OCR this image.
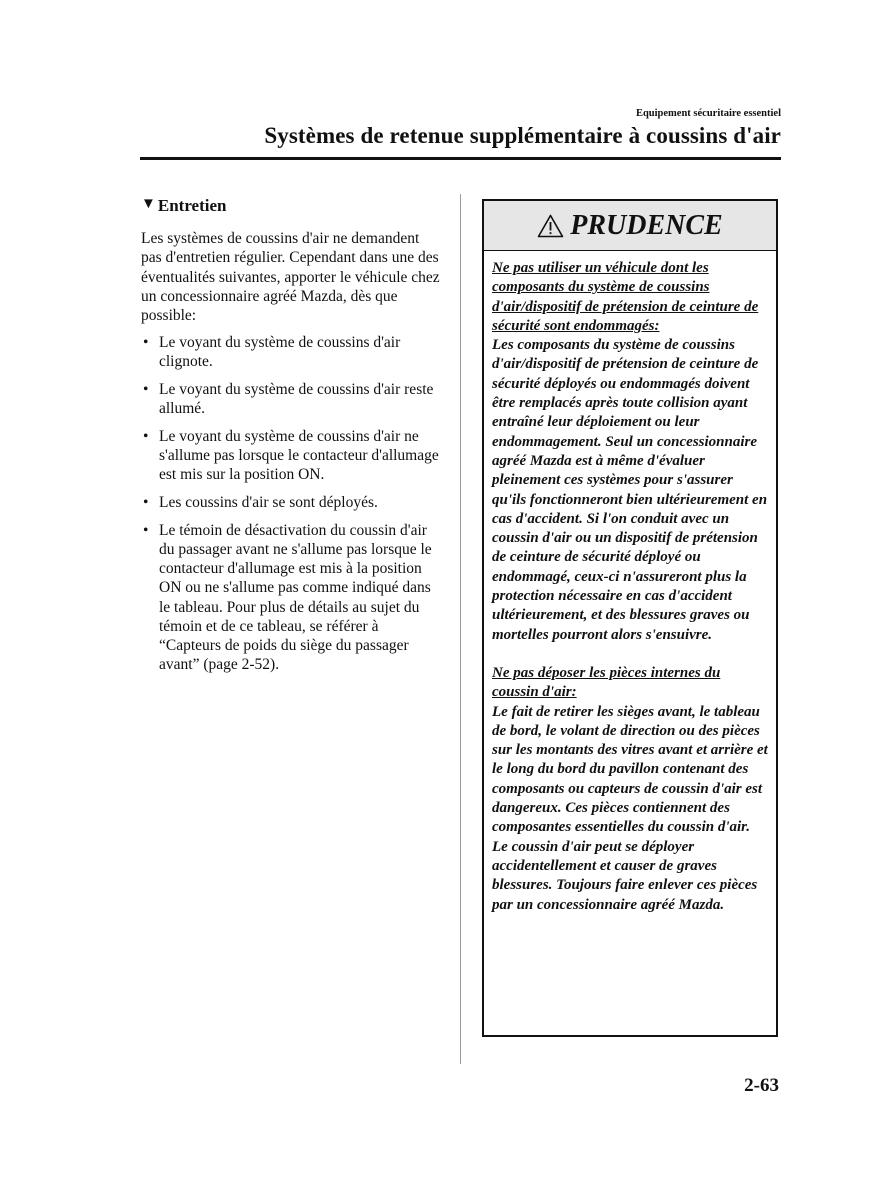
Equipement sécuritaire essentiel
Systèmes de retenue supplémentaire à coussins d'air
▼ Entretien

Les systèmes de coussins d'air ne demandent pas d'entretien régulier. Cependant dans une des éventualités suivantes, apporter le véhicule chez un concessionnaire agréé Mazda, dès que possible:

• Le voyant du système de coussins d'air clignote.
• Le voyant du système de coussins d'air reste allumé.
• Le voyant du système de coussins d'air ne s'allume pas lorsque le contacteur d'allumage est mis sur la position ON.
• Les coussins d'air se sont déployés.
• Le témoin de désactivation du coussin d'air du passager avant ne s'allume pas lorsque le contacteur d'allumage est mis à la position ON ou ne s'allume pas comme indiqué dans le tableau. Pour plus de détails au sujet du témoin et de ce tableau, se référer à “Capteurs de poids du siège du passager avant” (page 2-52).
PRUDENCE

Ne pas utiliser un véhicule dont les composants du système de coussins d'air/dispositif de prétension de ceinture de sécurité sont endommagés:
Les composants du système de coussins d'air/dispositif de prétension de ceinture de sécurité déployés ou endommagés doivent être remplacés après toute collision ayant entraîné leur déploiement ou leur endommagement. Seul un concessionnaire agréé Mazda est à même d'évaluer pleinement ces systèmes pour s'assurer qu'ils fonctionneront bien ultérieurement en cas d'accident. Si l'on conduit avec un coussin d'air ou un dispositif de prétension de ceinture de sécurité déployé ou endommagé, ceux-ci n'assureront plus la protection nécessaire en cas d'accident ultérieurement, et des blessures graves ou mortelles pourront alors s'ensuivre.

Ne pas déposer les pièces internes du coussin d'air:
Le fait de retirer les sièges avant, le tableau de bord, le volant de direction ou des pièces sur les montants des vitres avant et arrière et le long du bord du pavillon contenant des composants ou capteurs de coussin d'air est dangereux. Ces pièces contiennent des composantes essentielles du coussin d'air. Le coussin d'air peut se déployer accidentellement et causer de graves blessures. Toujours faire enlever ces pièces par un concessionnaire agréé Mazda.

2-63
